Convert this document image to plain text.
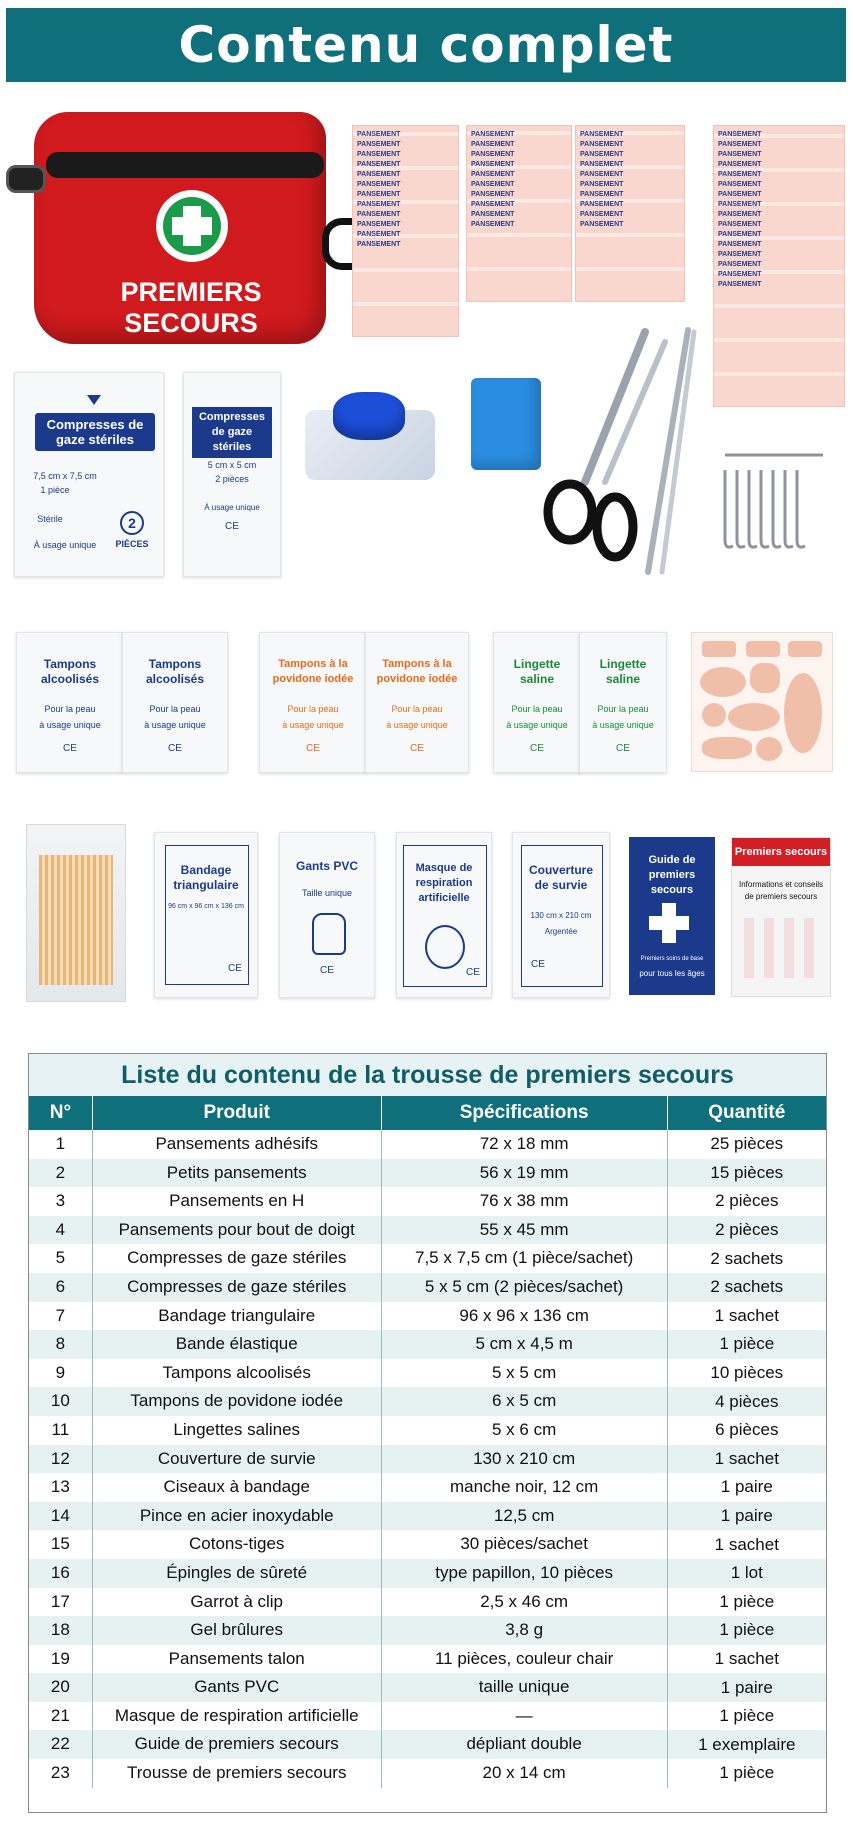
Contenu complet
PREMIERS SECOURS
PANSEMENT
PANSEMENT
PANSEMENT
PANSEMENT
PANSEMENT
PANSEMENT
PANSEMENT
PANSEMENT
PANSEMENT
PANSEMENT
PANSEMENT
PANSEMENT
PANSEMENT
PANSEMENT
PANSEMENT
PANSEMENT
PANSEMENT
PANSEMENT
PANSEMENT
PANSEMENT
PANSEMENT
PANSEMENT
PANSEMENT
PANSEMENT
PANSEMENT
PANSEMENT
PANSEMENT
PANSEMENT
PANSEMENT
PANSEMENT
PANSEMENT
PANSEMENT
PANSEMENT
PANSEMENT
PANSEMENT
PANSEMENT
PANSEMENT
PANSEMENT
PANSEMENT
PANSEMENT
PANSEMENT
PANSEMENT
PANSEMENT
PANSEMENT
PANSEMENT
PANSEMENT
PANSEMENT
PANSEMENT
Compresses de gaze stériles
7,5 cm x 7,5 cm
1 pièce
Stérile
À usage unique
2
PIÈCES
Compresses de gaze stériles
5 cm x 5 cm
2 pièces
À usage unique
CE
Tampons alcoolisés
Pour la peau
à usage unique
CE
Tampons alcoolisés
Pour la peau
à usage unique
CE
Tampons à la povidone iodée
Pour la peau
à usage unique
CE
Tampons à la povidone iodée
Pour la peau
à usage unique
CE
Lingette saline
Pour la peau
à usage unique
CE
Lingette saline
Pour la peau
à usage unique
CE
Bandage triangulaire
96 cm x 96 cm x 136 cm
CE
Gants PVC
Taille unique
CE
Masque de respiration artificielle
CE
Couverture de survie
130 cm x 210 cm
Argentée
CE
Guide de premiers secours
Premiers soins de base
pour tous les âges
Premiers secours
Informations et conseils
de premiers secours
Liste du contenu de la trousse de premiers secours
N°	Produit	Spécifications	Quantité
1	Pansements adhésifs	72 x 18 mm	25 pièces
2	Petits pansements	56 x 19 mm	15 pièces
3	Pansements en H	76 x 38 mm	2 pièces
4	Pansements pour bout de doigt	55 x 45 mm	2 pièces
5	Compresses de gaze stériles	7,5 x 7,5 cm (1 pièce/sachet)	2 sachets
6	Compresses de gaze stériles	5 x 5 cm (2 pièces/sachet)	2 sachets
7	Bandage triangulaire	96 x 96 x 136 cm	1 sachet
8	Bande élastique	5 cm x 4,5 m	1 pièce
9	Tampons alcoolisés	5 x 5 cm	10 pièces
10	Tampons de povidone iodée	6 x 5 cm	4 pièces
11	Lingettes salines	5 x 6 cm	6 pièces
12	Couverture de survie	130 x 210 cm	1 sachet
13	Ciseaux à bandage	manche noir, 12 cm	1 paire
14	Pince en acier inoxydable	12,5 cm	1 paire
15	Cotons-tiges	30 pièces/sachet	1 sachet
16	Épingles de sûreté	type papillon, 10 pièces	1 lot
17	Garrot à clip	2,5 x 46 cm	1 pièce
18	Gel brûlures	3,8 g	1 pièce
19	Pansements talon	11 pièces, couleur chair	1 sachet
20	Gants PVC	taille unique	1 paire
21	Masque de respiration artificielle	—	1 pièce
22	Guide de premiers secours	dépliant double	1 exemplaire
23	Trousse de premiers secours	20 x 14 cm	1 pièce
